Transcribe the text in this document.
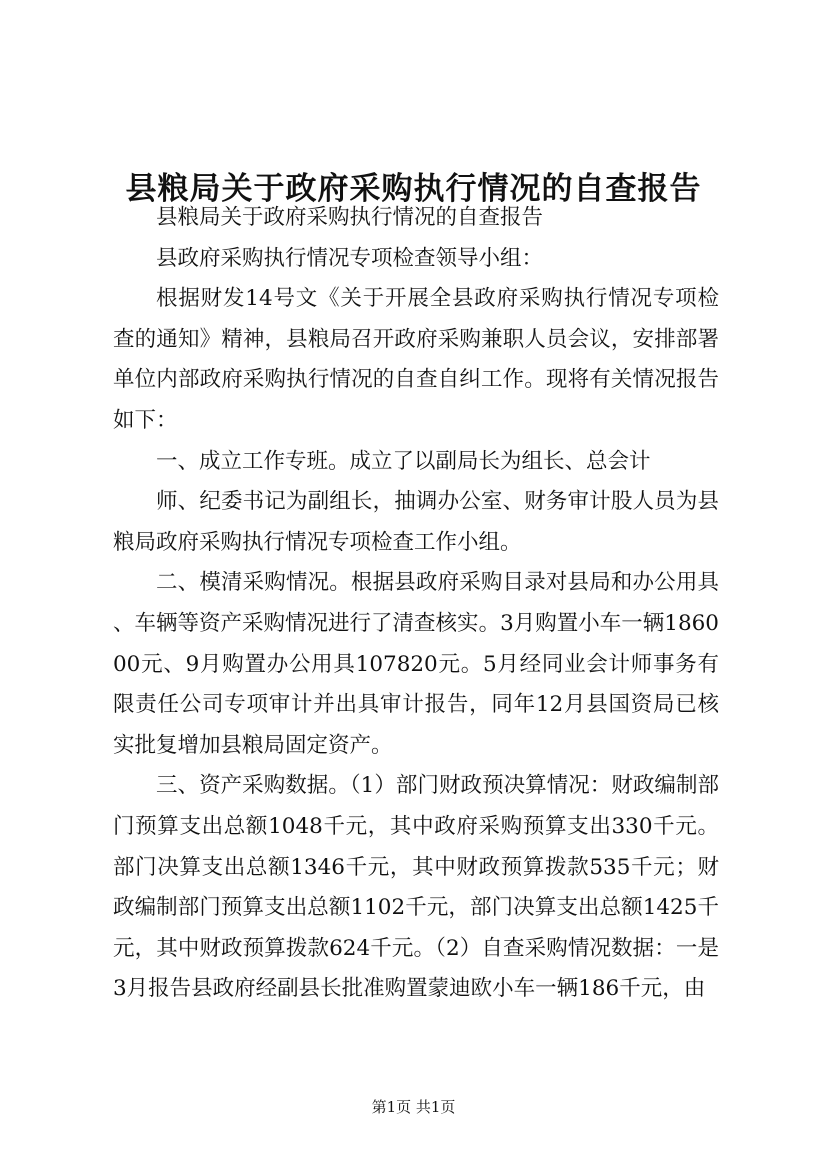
县粮局关于政府采购执行情况的自查报告

县粮局关于政府采购执行情况的自查报告

县政府采购执行情况专项检查领导小组：

根据财发14号文《关于开展全县政府采购执行情况专项检查的通知》精神，县粮局召开政府采购兼职人员会议，安排部署单位内部政府采购执行情况的自查自纠工作。现将有关情况报告如下：

一、成立工作专班。成立了以副局长为组长、总会计

师、纪委书记为副组长，抽调办公室、财务审计股人员为县粮局政府采购执行情况专项检查工作小组。

二、模清采购情况。根据县政府采购目录对县局和办公用具、车辆等资产采购情况进行了清查核实。3月购置小车一辆186000元、9月购置办公用具107820元。5月经同业会计师事务有限责任公司专项审计并出具审计报告，同年12月县国资局已核实批复增加县粮局固定资产。

三、资产采购数据。（1）部门财政预决算情况：财政编制部门预算支出总额1048千元，其中政府采购预算支出330千元。部门决算支出总额1346千元，其中财政预算拨款535千元；财政编制部门预算支出总额1102千元，部门决算支出总额1425千元，其中财政预算拨款624千元。（2）自查采购情况数据：一是3月报告县政府经副县长批准购置蒙迪欧小车一辆186千元，由

第1页 共1页
